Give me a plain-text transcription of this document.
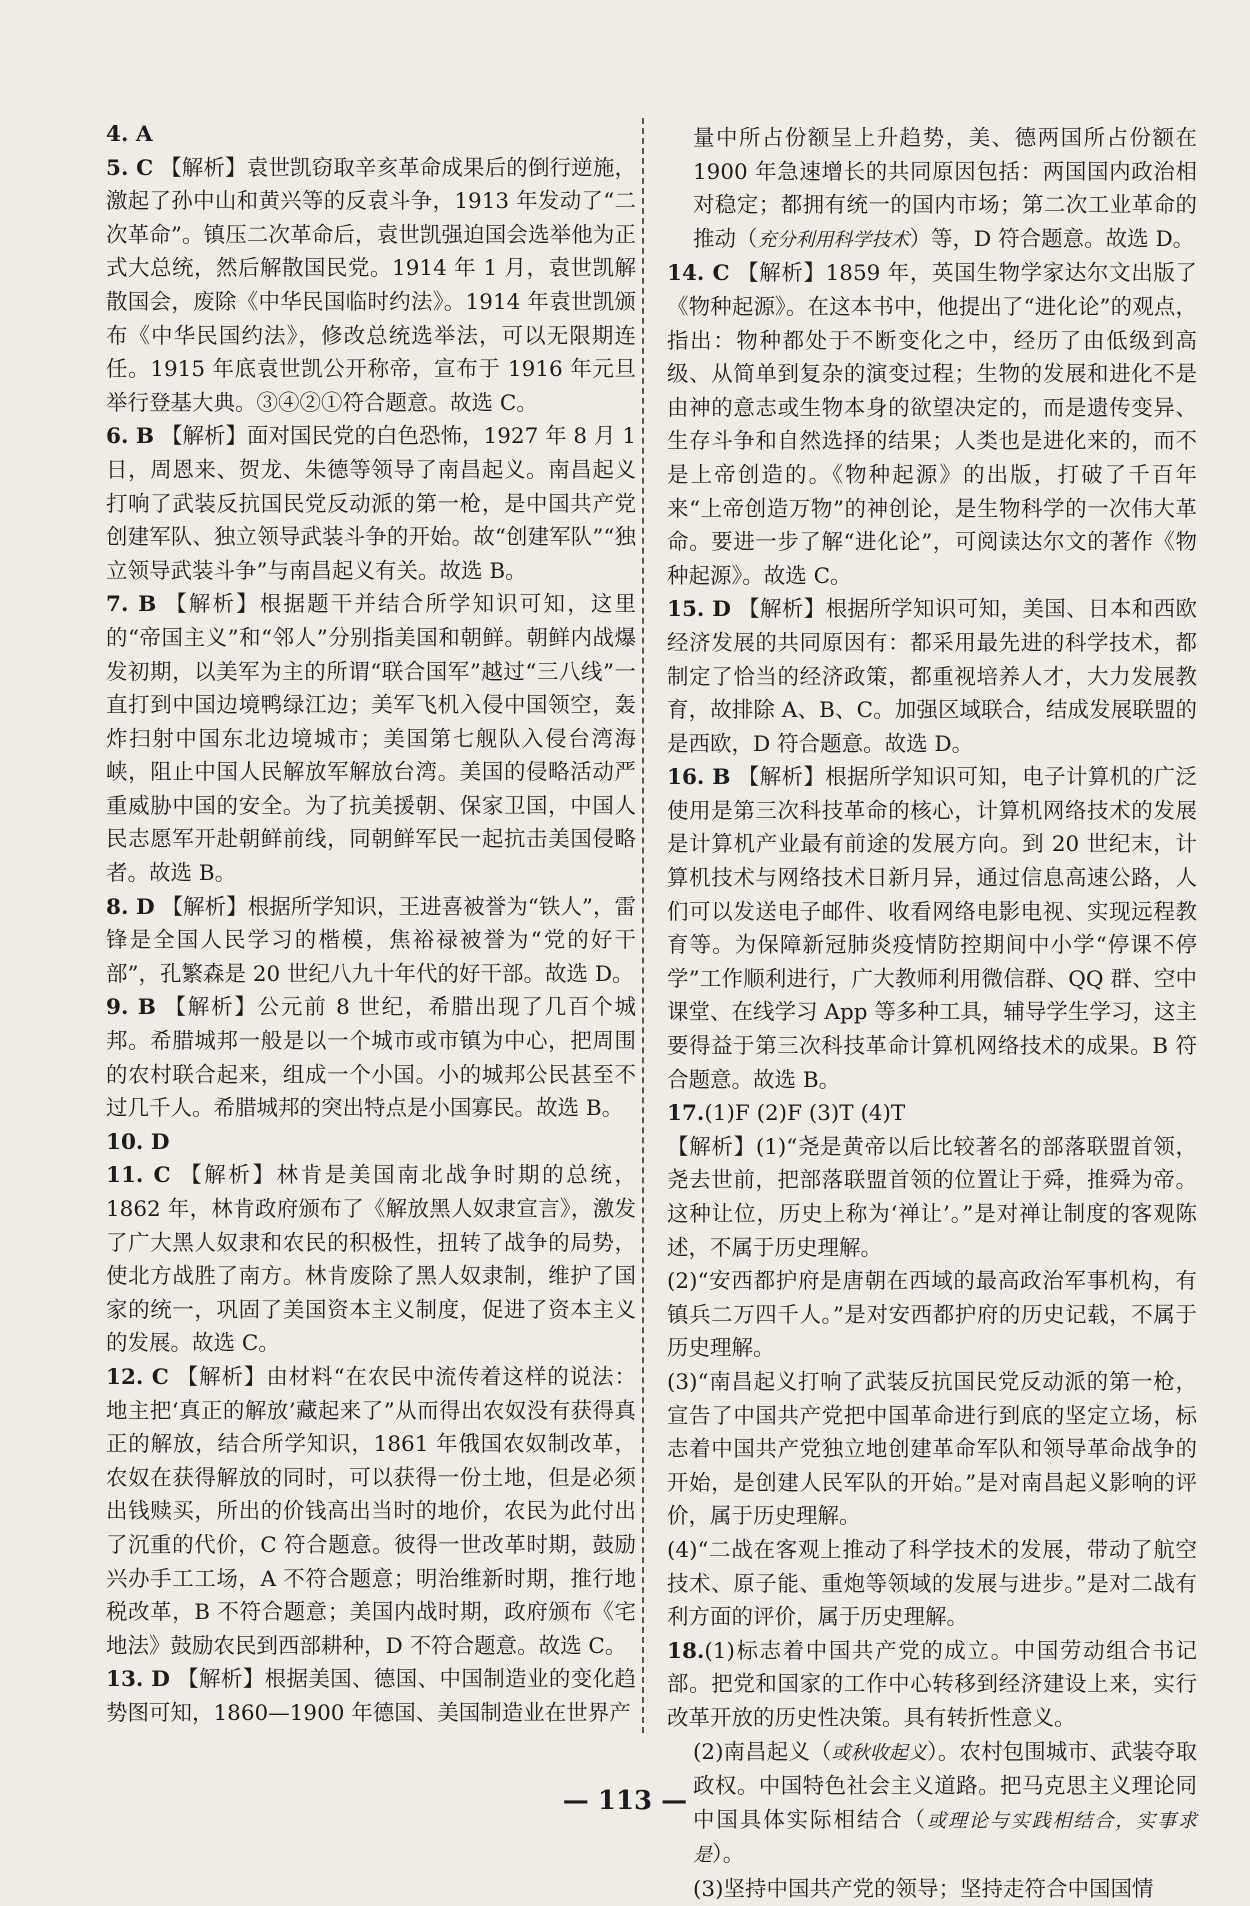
4. A

5. C 【解析】袁世凯窃取辛亥革命成果后的倒行逆施，激起了孙中山和黄兴等的反袁斗争，1913 年发动了“二次革命”。镇压二次革命后，袁世凯强迫国会选举他为正式大总统，然后解散国民党。1914 年 1 月，袁世凯解散国会，废除《中华民国临时约法》。1914 年袁世凯颁布《中华民国约法》，修改总统选举法，可以无限期连任。1915 年底袁世凯公开称帝，宣布于 1916 年元旦举行登基大典。③④②①符合题意。故选 C。

6. B 【解析】面对国民党的白色恐怖，1927 年 8 月 1 日，周恩来、贺龙、朱德等领导了南昌起义。南昌起义打响了武装反抗国民党反动派的第一枪，是中国共产党创建军队、独立领导武装斗争的开始。故“创建军队”“独立领导武装斗争”与南昌起义有关。故选 B。

7. B 【解析】根据题干并结合所学知识可知，这里的“帝国主义”和“邻人”分别指美国和朝鲜。朝鲜内战爆发初期，以美军为主的所谓“联合国军”越过“三八线”一直打到中国边境鸭绿江边；美军飞机入侵中国领空，轰炸扫射中国东北边境城市；美国第七舰队入侵台湾海峡，阻止中国人民解放军解放台湾。美国的侵略活动严重威胁中国的安全。为了抗美援朝、保家卫国，中国人民志愿军开赴朝鲜前线，同朝鲜军民一起抗击美国侵略者。故选 B。

8. D 【解析】根据所学知识，王进喜被誉为“铁人”，雷锋是全国人民学习的楷模，焦裕禄被誉为“党的好干部”，孔繁森是 20 世纪八九十年代的好干部。故选 D。

9. B 【解析】公元前 8 世纪，希腊出现了几百个城邦。希腊城邦一般是以一个城市或市镇为中心，把周围的农村联合起来，组成一个小国。小的城邦公民甚至不过几千人。希腊城邦的突出特点是小国寡民。故选 B。

10. D

11. C 【解析】林肯是美国南北战争时期的总统，1862 年，林肯政府颁布了《解放黑人奴隶宣言》，激发了广大黑人奴隶和农民的积极性，扭转了战争的局势，使北方战胜了南方。林肯废除了黑人奴隶制，维护了国家的统一，巩固了美国资本主义制度，促进了资本主义的发展。故选 C。

12. C 【解析】由材料“在农民中流传着这样的说法：地主把‘真正的解放’藏起来了”从而得出农奴没有获得真正的解放，结合所学知识，1861 年俄国农奴制改革，农奴在获得解放的同时，可以获得一份土地，但是必须出钱赎买，所出的价钱高出当时的地价，农民为此付出了沉重的代价，C 符合题意。彼得一世改革时期，鼓励兴办手工工场，A 不符合题意；明治维新时期，推行地税改革，B 不符合题意；美国内战时期，政府颁布《宅地法》鼓励农民到西部耕种，D 不符合题意。故选 C。

13. D 【解析】根据美国、德国、中国制造业的变化趋势图可知，1860—1900 年德国、美国制造业在世界产

量中所占份额呈上升趋势，美、德两国所占份额在 1900 年急速增长的共同原因包括：两国国内政治相对稳定；都拥有统一的国内市场；第二次工业革命的推动（充分利用科学技术）等，D 符合题意。故选 D。

14. C 【解析】1859 年，英国生物学家达尔文出版了《物种起源》。在这本书中，他提出了“进化论”的观点，指出：物种都处于不断变化之中，经历了由低级到高级、从简单到复杂的演变过程；生物的发展和进化不是由神的意志或生物本身的欲望决定的，而是遗传变异、生存斗争和自然选择的结果；人类也是进化来的，而不是上帝创造的。《物种起源》的出版，打破了千百年来“上帝创造万物”的神创论，是生物科学的一次伟大革命。要进一步了解“进化论”，可阅读达尔文的著作《物种起源》。故选 C。

15. D 【解析】根据所学知识可知，美国、日本和西欧经济发展的共同原因有：都采用最先进的科学技术，都制定了恰当的经济政策，都重视培养人才，大力发展教育，故排除 A、B、C。加强区域联合，结成发展联盟的是西欧，D 符合题意。故选 D。

16. B 【解析】根据所学知识可知，电子计算机的广泛使用是第三次科技革命的核心，计算机网络技术的发展是计算机产业最有前途的发展方向。到 20 世纪末，计算机技术与网络技术日新月异，通过信息高速公路，人们可以发送电子邮件、收看网络电影电视、实现远程教育等。为保障新冠肺炎疫情防控期间中小学“停课不停学”工作顺利进行，广大教师利用微信群、QQ 群、空中课堂、在线学习 App 等多种工具，辅导学生学习，这主要得益于第三次科技革命计算机网络技术的成果。B 符合题意。故选 B。

17.(1)F (2)F (3)T (4)T

【解析】(1)“尧是黄帝以后比较著名的部落联盟首领，尧去世前，把部落联盟首领的位置让于舜，推舜为帝。这种让位，历史上称为‘禅让’。”是对禅让制度的客观陈述，不属于历史理解。

(2)“安西都护府是唐朝在西域的最高政治军事机构，有镇兵二万四千人。”是对安西都护府的历史记载，不属于历史理解。

(3)“南昌起义打响了武装反抗国民党反动派的第一枪，宣告了中国共产党把中国革命进行到底的坚定立场，标志着中国共产党独立地创建革命军队和领导革命战争的开始，是创建人民军队的开始。”是对南昌起义影响的评价，属于历史理解。

(4)“二战在客观上推动了科学技术的发展，带动了航空技术、原子能、重炮等领域的发展与进步。”是对二战有利方面的评价，属于历史理解。

18.(1)标志着中国共产党的成立。中国劳动组合书记部。把党和国家的工作中心转移到经济建设上来，实行改革开放的历史性决策。具有转折性意义。

(2)南昌起义（或秋收起义）。农村包围城市、武装夺取政权。中国特色社会主义道路。把马克思主义理论同中国具体实际相结合（或理论与实践相结合，实事求是）。

(3)坚持中国共产党的领导；坚持走符合中国国情

— 113 —
